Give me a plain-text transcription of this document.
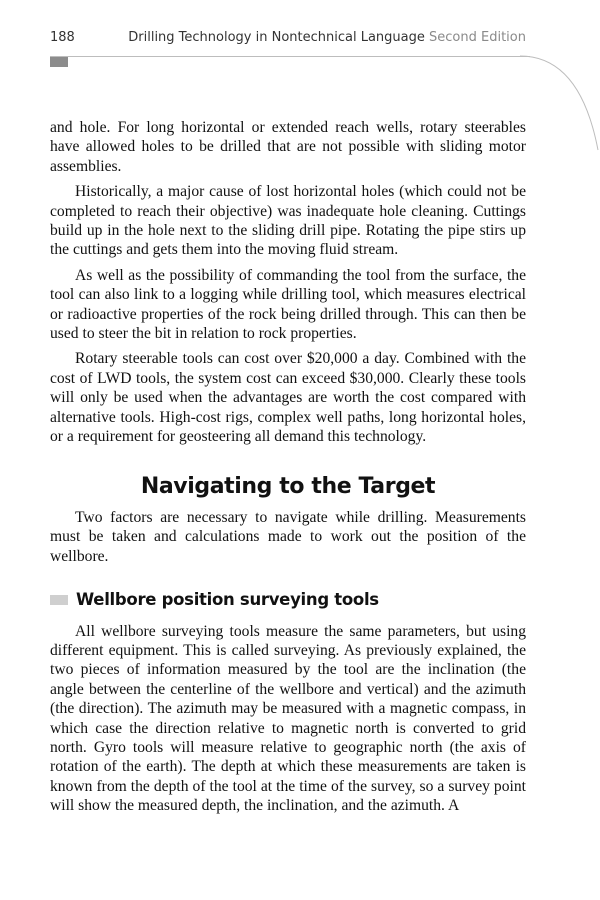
188	Drilling Technology in Nontechnical Language Second Edition

and hole. For long horizontal or extended reach wells, rotary steerables have allowed holes to be drilled that are not possible with sliding motor assemblies.

Historically, a major cause of lost horizontal holes (which could not be completed to reach their objective) was inadequate hole cleaning. Cuttings build up in the hole next to the sliding drill pipe. Rotating the pipe stirs up the cuttings and gets them into the moving fluid stream.

As well as the possibility of commanding the tool from the surface, the tool can also link to a logging while drilling tool, which measures electrical or radioactive properties of the rock being drilled through. This can then be used to steer the bit in relation to rock properties.

Rotary steerable tools can cost over $20,000 a day. Combined with the cost of LWD tools, the system cost can exceed $30,000. Clearly these tools will only be used when the advantages are worth the cost compared with alternative tools. High-cost rigs, complex well paths, long horizontal holes, or a requirement for geosteering all demand this technology.

Navigating to the Target

Two factors are necessary to navigate while drilling. Measurements must be taken and calculations made to work out the position of the wellbore.

Wellbore position surveying tools

All wellbore surveying tools measure the same parameters, but using different equipment. This is called surveying. As previously explained, the two pieces of information measured by the tool are the inclination (the angle between the centerline of the wellbore and vertical) and the azimuth (the direction). The azimuth may be measured with a magnetic compass, in which case the direction relative to magnetic north is converted to grid north. Gyro tools will measure relative to geographic north (the axis of rotation of the earth). The depth at which these measurements are taken is known from the depth of the tool at the time of the survey, so a survey point will show the measured depth, the inclination, and the azimuth. A
